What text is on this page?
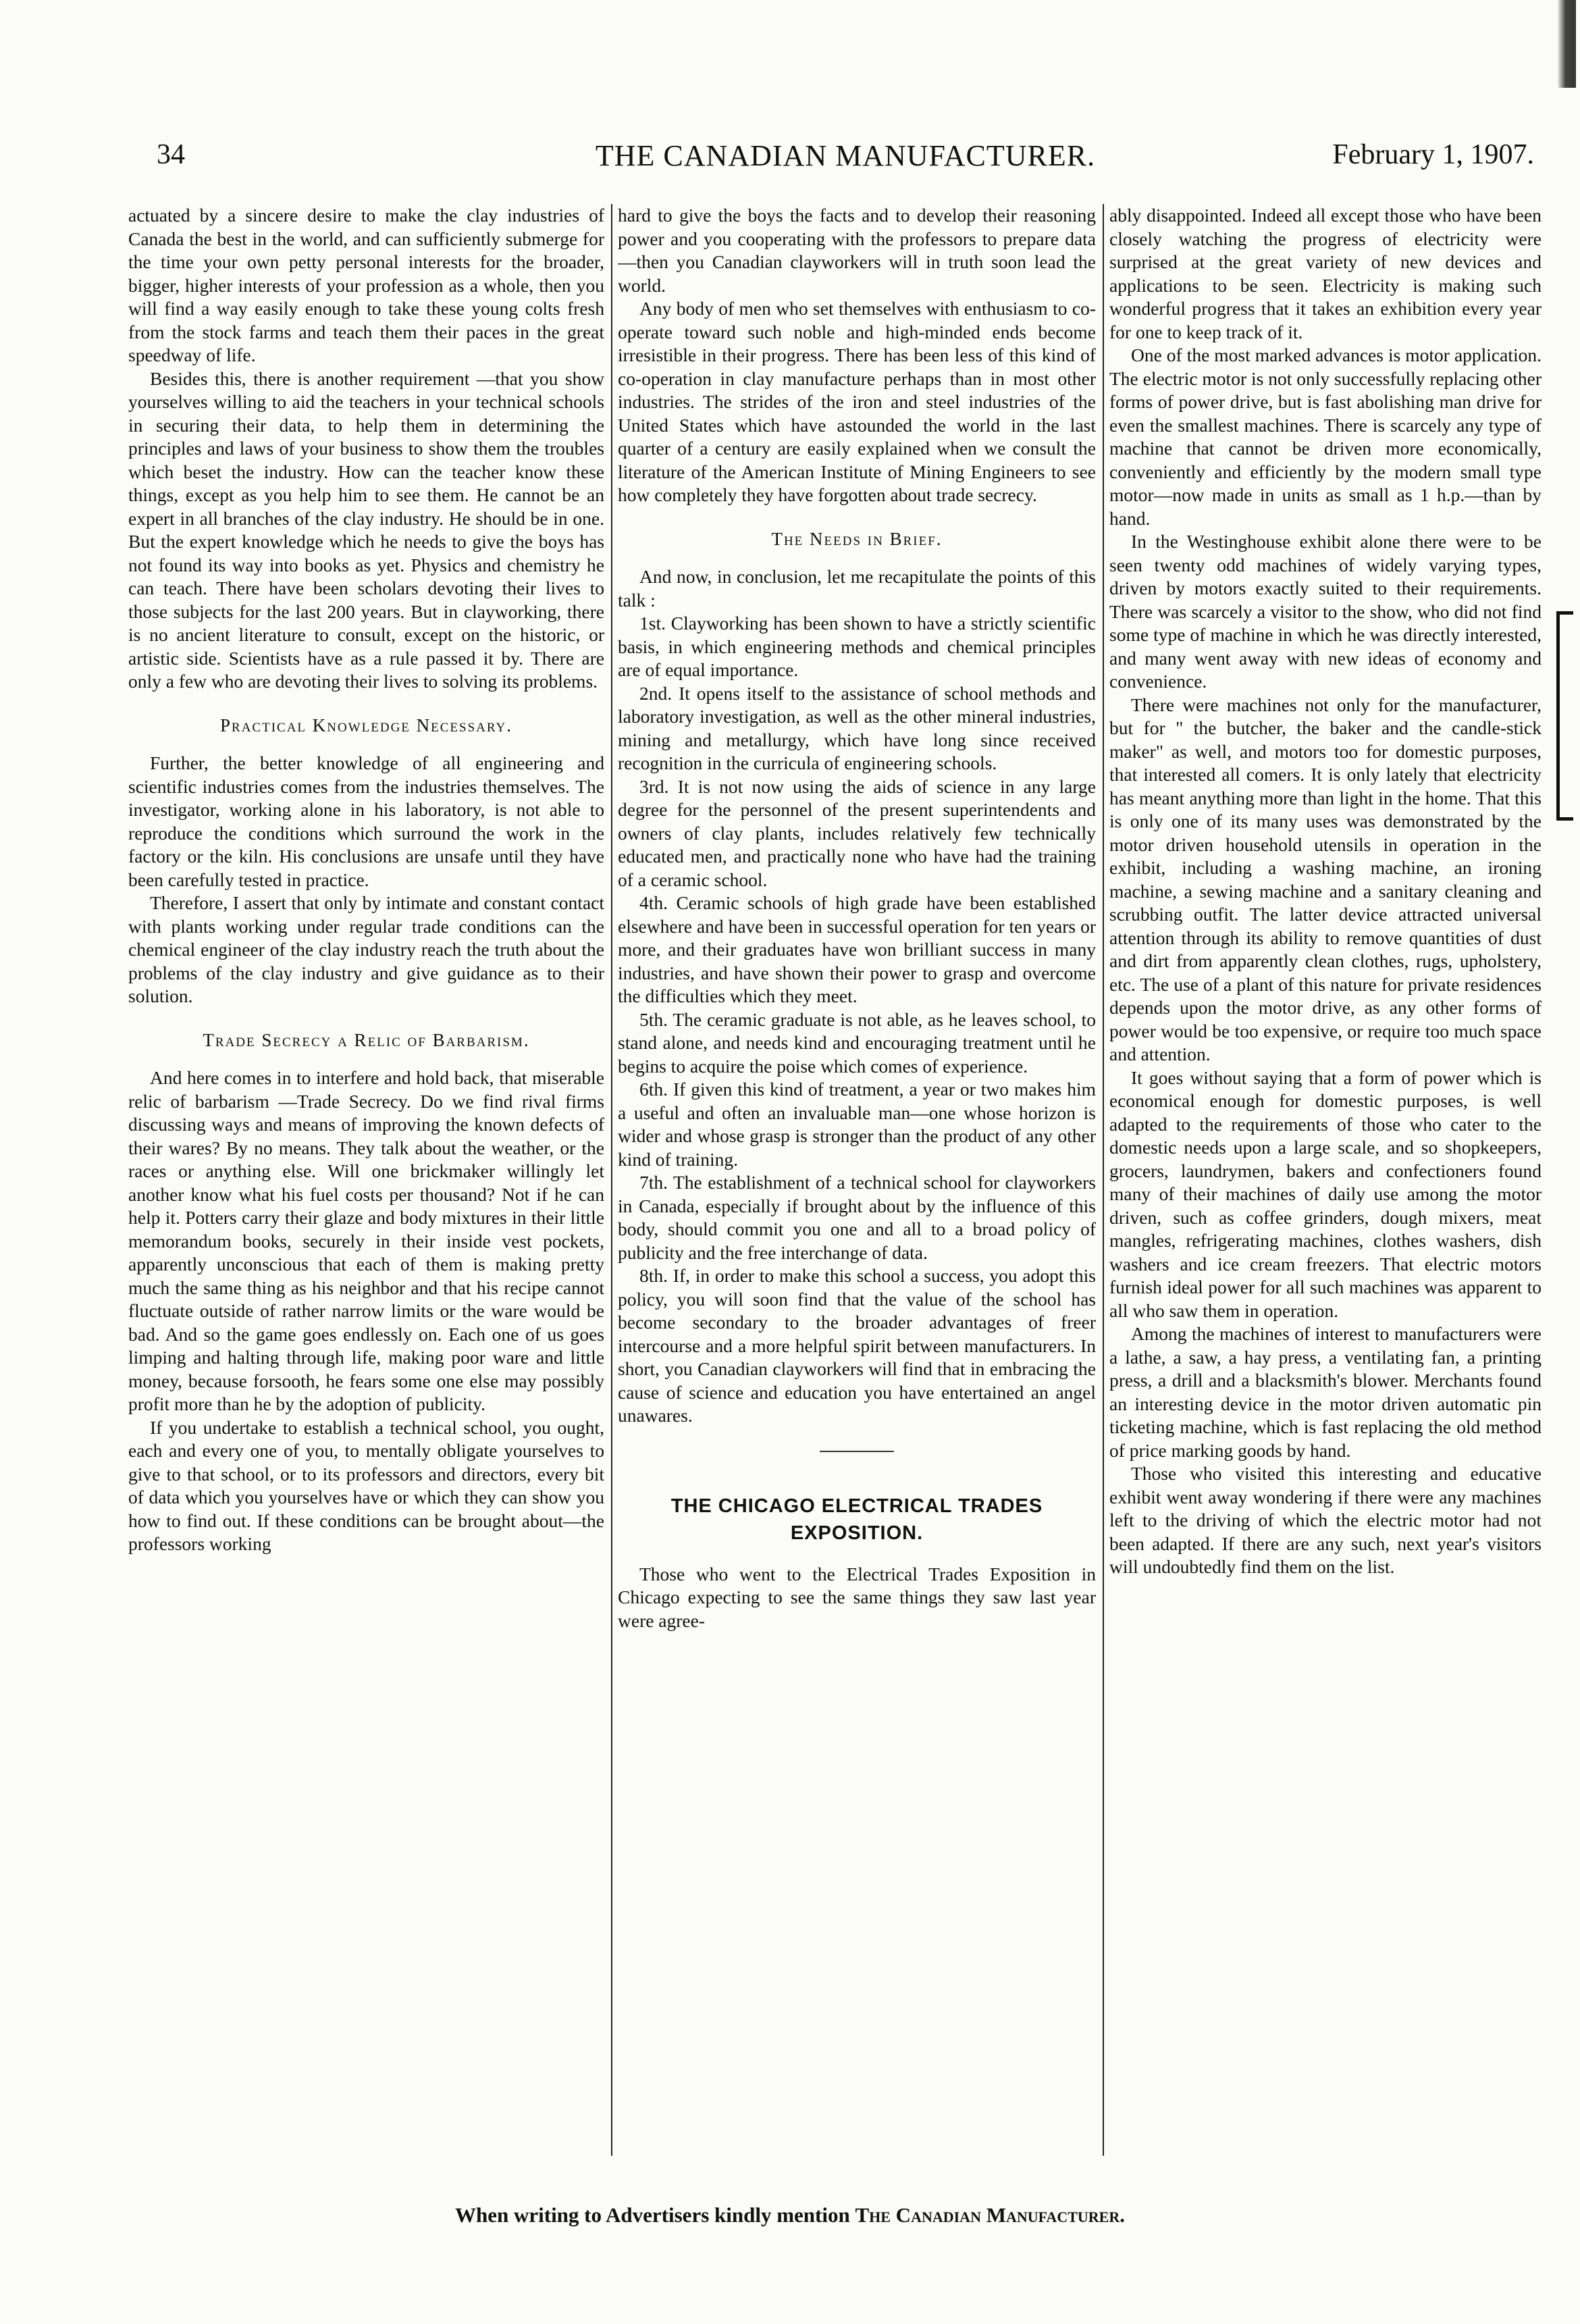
34	THE CANADIAN MANUFACTURER.	February 1, 1907.

actuated by a sincere desire to make the clay industries of Canada the best in the world, and can sufficiently submerge for the time your own petty personal interests for the broader, bigger, higher interests of your profession as a whole, then you will find a way easily enough to take these young colts fresh from the stock farms and teach them their paces in the great speedway of life.

Besides this, there is another requirement —that you show yourselves willing to aid the teachers in your technical schools in securing their data, to help them in determining the principles and laws of your business to show them the troubles which beset the industry. How can the teacher know these things, except as you help him to see them. He cannot be an expert in all branches of the clay industry. He should be in one. But the expert knowledge which he needs to give the boys has not found its way into books as yet. Physics and chemistry he can teach. There have been scholars devoting their lives to those subjects for the last 200 years. But in clayworking, there is no ancient literature to consult, except on the historic, or artistic side. Scientists have as a rule passed it by. There are only a few who are devoting their lives to solving its problems.

Practical Knowledge Necessary.

Further, the better knowledge of all engineering and scientific industries comes from the industries themselves. The investigator, working alone in his laboratory, is not able to reproduce the conditions which surround the work in the factory or the kiln. His conclusions are unsafe until they have been carefully tested in practice.

Therefore, I assert that only by intimate and constant contact with plants working under regular trade conditions can the chemical engineer of the clay industry reach the truth about the problems of the clay industry and give guidance as to their solution.

Trade Secrecy a Relic of Barbarism.

And here comes in to interfere and hold back, that miserable relic of barbarism —Trade Secrecy. Do we find rival firms discussing ways and means of improving the known defects of their wares? By no means. They talk about the weather, or the races or anything else. Will one brickmaker willingly let another know what his fuel costs per thousand? Not if he can help it. Potters carry their glaze and body mixtures in their little memorandum books, securely in their inside vest pockets, apparently unconscious that each of them is making pretty much the same thing as his neighbor and that his recipe cannot fluctuate outside of rather narrow limits or the ware would be bad. And so the game goes endlessly on. Each one of us goes limping and halting through life, making poor ware and little money, because forsooth, he fears some one else may possibly profit more than he by the adoption of publicity.

If you undertake to establish a technical school, you ought, each and every one of you, to mentally obligate yourselves to give to that school, or to its professors and directors, every bit of data which you yourselves have or which they can show you how to find out. If these conditions can be brought about—the professors working

hard to give the boys the facts and to develop their reasoning power and you cooperating with the professors to prepare data—then you Canadian clayworkers will in truth soon lead the world.

Any body of men who set themselves with enthusiasm to co-operate toward such noble and high-minded ends become irresistible in their progress. There has been less of this kind of co-operation in clay manufacture perhaps than in most other industries. The strides of the iron and steel industries of the United States which have astounded the world in the last quarter of a century are easily explained when we consult the literature of the American Institute of Mining Engineers to see how completely they have forgotten about trade secrecy.

The Needs in Brief.

And now, in conclusion, let me recapitulate the points of this talk :

1st. Clayworking has been shown to have a strictly scientific basis, in which engineering methods and chemical principles are of equal importance.

2nd. It opens itself to the assistance of school methods and laboratory investigation, as well as the other mineral industries, mining and metallurgy, which have long since received recognition in the curricula of engineering schools.

3rd. It is not now using the aids of science in any large degree for the personnel of the present superintendents and owners of clay plants, includes relatively few technically educated men, and practically none who have had the training of a ceramic school.

4th. Ceramic schools of high grade have been established elsewhere and have been in successful operation for ten years or more, and their graduates have won brilliant success in many industries, and have shown their power to grasp and overcome the difficulties which they meet.

5th. The ceramic graduate is not able, as he leaves school, to stand alone, and needs kind and encouraging treatment until he begins to acquire the poise which comes of experience.

6th. If given this kind of treatment, a year or two makes him a useful and often an invaluable man—one whose horizon is wider and whose grasp is stronger than the product of any other kind of training.

7th. The establishment of a technical school for clayworkers in Canada, especially if brought about by the influence of this body, should commit you one and all to a broad policy of publicity and the free interchange of data.

8th. If, in order to make this school a success, you adopt this policy, you will soon find that the value of the school has become secondary to the broader advantages of freer intercourse and a more helpful spirit between manufacturers. In short, you Canadian clayworkers will find that in embracing the cause of science and education you have entertained an angel unawares.

THE CHICAGO ELECTRICAL TRADES
EXPOSITION.

Those who went to the Electrical Trades Exposition in Chicago expecting to see the same things they saw last year were agree-

ably disappointed. Indeed all except those who have been closely watching the progress of electricity were surprised at the great variety of new devices and applications to be seen. Electricity is making such wonderful progress that it takes an exhibition every year for one to keep track of it.

One of the most marked advances is motor application. The electric motor is not only successfully replacing other forms of power drive, but is fast abolishing man drive for even the smallest machines. There is scarcely any type of machine that cannot be driven more economically, conveniently and efficiently by the modern small type motor—now made in units as small as 1 h.p.—than by hand.

In the Westinghouse exhibit alone there were to be seen twenty odd machines of widely varying types, driven by motors exactly suited to their requirements. There was scarcely a visitor to the show, who did not find some type of machine in which he was directly interested, and many went away with new ideas of economy and convenience.

There were machines not only for the manufacturer, but for " the butcher, the baker and the candle-stick maker" as well, and motors too for domestic purposes, that interested all comers. It is only lately that electricity has meant anything more than light in the home. That this is only one of its many uses was demonstrated by the motor driven household utensils in operation in the exhibit, including a washing machine, an ironing machine, a sewing machine and a sanitary cleaning and scrubbing outfit. The latter device attracted universal attention through its ability to remove quantities of dust and dirt from apparently clean clothes, rugs, upholstery, etc. The use of a plant of this nature for private residences depends upon the motor drive, as any other forms of power would be too expensive, or require too much space and attention.

It goes without saying that a form of power which is economical enough for domestic purposes, is well adapted to the requirements of those who cater to the domestic needs upon a large scale, and so shopkeepers, grocers, laundrymen, bakers and confectioners found many of their machines of daily use among the motor driven, such as coffee grinders, dough mixers, meat mangles, refrigerating machines, clothes washers, dish washers and ice cream freezers. That electric motors furnish ideal power for all such machines was apparent to all who saw them in operation.

Among the machines of interest to manufacturers were a lathe, a saw, a hay press, a ventilating fan, a printing press, a drill and a blacksmith's blower. Merchants found an interesting device in the motor driven automatic pin ticketing machine, which is fast replacing the old method of price marking goods by hand.

Those who visited this interesting and educative exhibit went away wondering if there were any machines left to the driving of which the electric motor had not been adapted. If there are any such, next year's visitors will undoubtedly find them on the list.

When writing to Advertisers kindly mention The Canadian Manufacturer.
